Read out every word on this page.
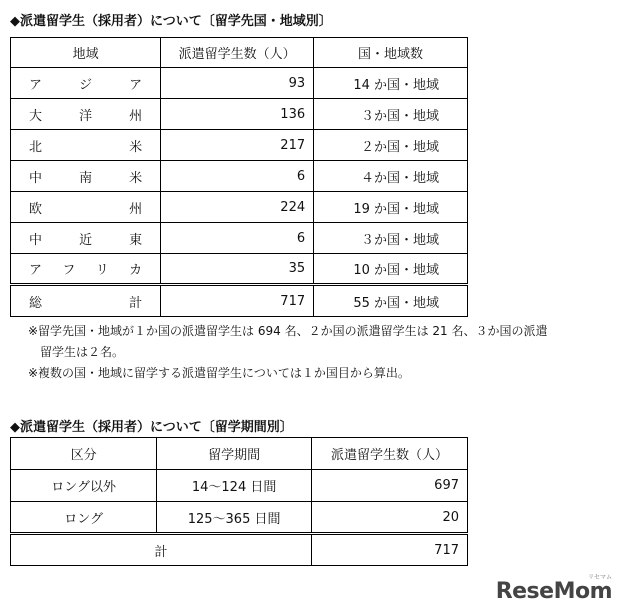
◆派遣留学生（採用者）について〔留学先国・地域別〕
地域	派遣留学生数（人）	国・地域数

ア ジ ア	93	14 か国・地域

大 洋 州	136	３か国・地域

北 米	217	２か国・地域

中 南 米	6	４か国・地域

欧 州	224	19 か国・地域

中 近 東	6	３か国・地域

ア フ リ カ	35	10 か国・地域

総 計	717	55 か国・地域
※留学先国・地域が１か国の派遣留学生は 694 名、２か国の派遣留学生は 21 名、３か国の派遣
　留学生は２名。
※複数の国・地域に留学する派遣留学生については１か国目から算出。
◆派遣留学生（採用者）について〔留学期間別〕
区分	留学期間	派遣留学生数（人）
ロング以外	14～124 日間	697
ロング	125～365 日間	20
計		717
ReseMom
リセマム
